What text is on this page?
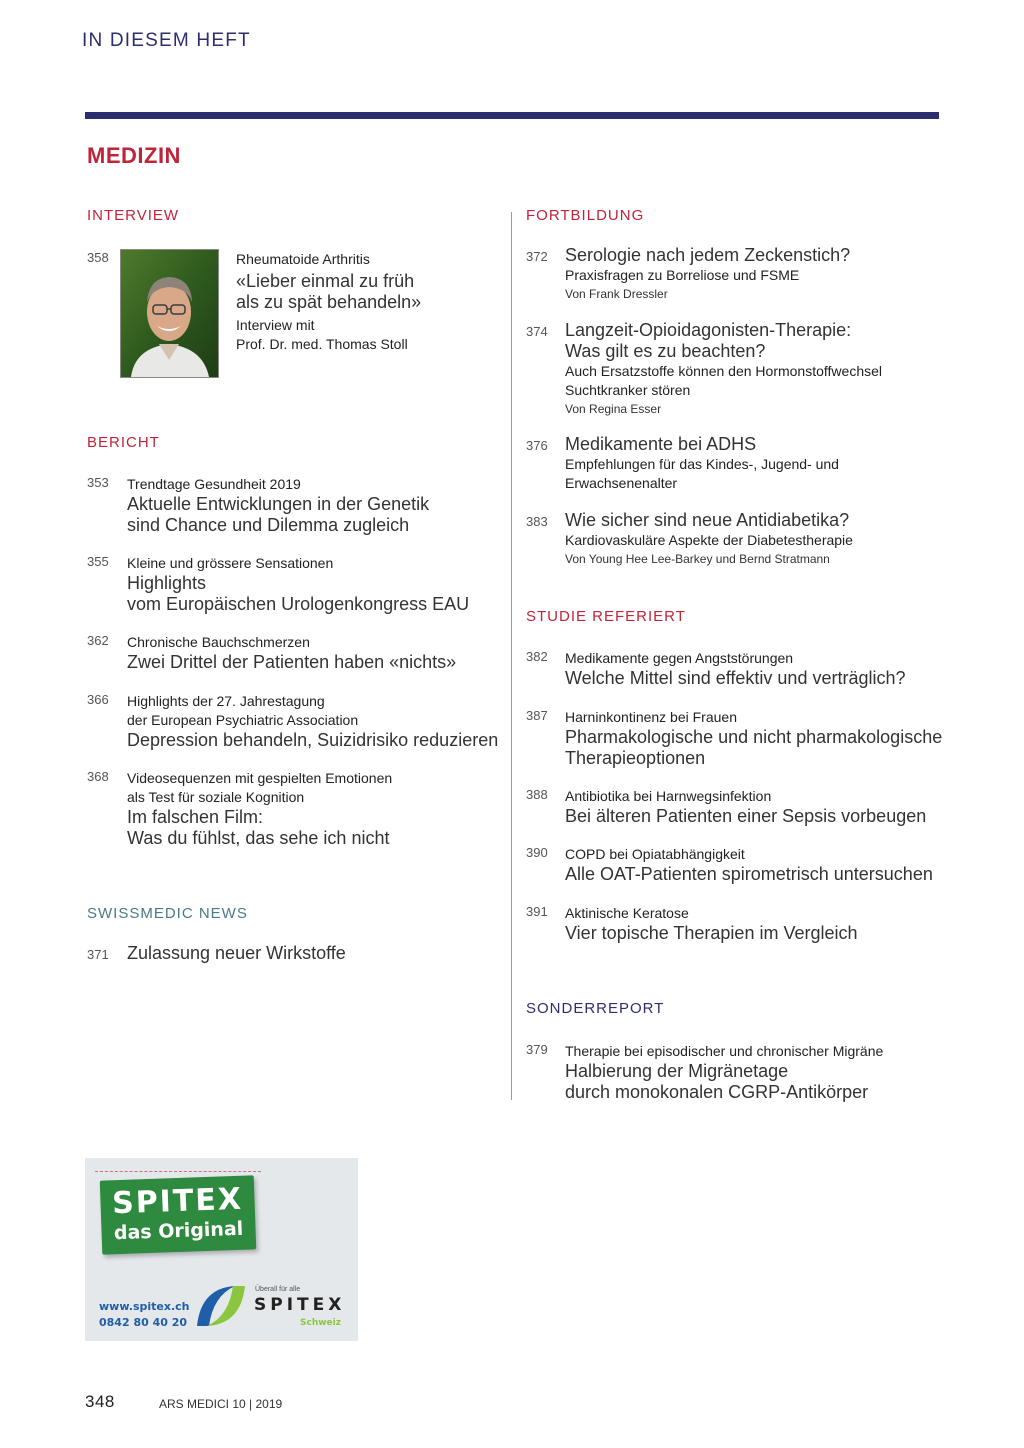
IN DIESEM HEFT
MEDIZIN
INTERVIEW
358	Rheumatoide Arthritis
«Lieber einmal zu früh
als zu spät behandeln»
Interview mit
Prof. Dr. med. Thomas Stoll
BERICHT
353 Trendtage Gesundheit 2019
Aktuelle Entwicklungen in der Genetik
sind Chance und Dilemma zugleich
355 Kleine und grössere Sensationen
Highlights
vom Europäischen Urologenkongress EAU
362 Chronische Bauchschmerzen
Zwei Drittel der Patienten haben «nichts»
366 Highlights der 27. Jahrestagung
der European Psychiatric Association
Depression behandeln, Suizidrisiko reduzieren
368 Videosequenzen mit gespielten Emotionen
als Test für soziale Kognition
Im falschen Film:
Was du fühlst, das sehe ich nicht
SWISSMEDIC NEWS
371 Zulassung neuer Wirkstoffe
FORTBILDUNG
372 Serologie nach jedem Zeckenstich?
Praxisfragen zu Borreliose und FSME
Von Frank Dressler
374 Langzeit-Opioidagonisten-Therapie:
Was gilt es zu beachten?
Auch Ersatzstoffe können den Hormonstoffwechsel
Suchtkranker stören
Von Regina Esser
376 Medikamente bei ADHS
Empfehlungen für das Kindes-, Jugend- und
Erwachsenenalter
383 Wie sicher sind neue Antidiabetika?
Kardiovaskuläre Aspekte der Diabetestherapie
Von Young Hee Lee-Barkey und Bernd Stratmann
STUDIE REFERIERT
382 Medikamente gegen Angststörungen
Welche Mittel sind effektiv und verträglich?
387 Harninkontinenz bei Frauen
Pharmakologische und nicht pharmakologische
Therapieoptionen
388 Antibiotika bei Harnwegsinfektion
Bei älteren Patienten einer Sepsis vorbeugen
390 COPD bei Opiatabhängigkeit
Alle OAT-Patienten spirometrisch untersuchen
391 Aktinische Keratose
Vier topische Therapien im Vergleich
SONDERREPORT
379 Therapie bei episodischer und chronischer Migräne
Halbierung der Migränetage
durch monokonalen CGRP-Antikörper
SPITEX
das Original
www.spitex.ch
0842 80 40 20
Überall für alle
SPITEX
Schweiz
348	ARS MEDICI 10 | 2019
